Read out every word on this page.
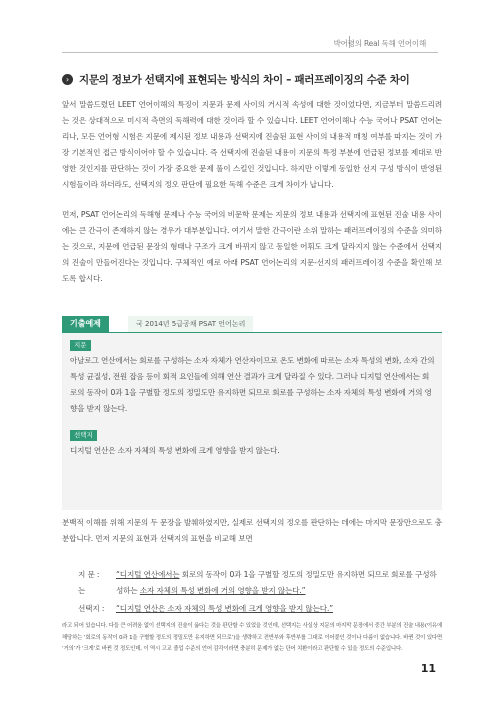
박어령의 Real 독해 언어이해
› 지문의 정보가 선택지에 표현되는 방식의 차이 – 패러프레이징의 수준 차이

앞서 말씀드렸던 LEET 언어이해의 특징이 지문과 문제 사이의 거시적 속성에 대한 것이었다면, 지금부터 말씀드리려는 것은 상대적으로 미시적 측면의 독해력에 대한 것이라 할 수 있습니다. LEET 언어이해나 수능 국어나 PSAT 언어논리나, 모든 언어형 시험은 지문에 제시된 정보 내용과 선택지에 진술된 표현 사이의 내용적 매칭 여부를 따지는 것이 가장 기본적인 접근 방식이어야 할 수 있습니다. 즉 선택지에 진술된 내용이 지문의 특정 부분에 언급된 정보를 제대로 반영한 것인지를 판단하는 것이 가장 중요한 문제 풀이 스킬인 것입니다. 하지만 이렇게 동일한 선지 구성 방식이 반영된 시험들이라 하더라도, 선택지의 정오 판단에 필요한 독해 수준은 크게 차이가 납니다.

먼저, PSAT 언어논리의 독해형 문제나 수능 국어의 비문학 문제는 지문의 정보 내용과 선택지에 표현된 진술 내용 사이에는 큰 간극이 존재하지 않는 경우가 대부분입니다. 여기서 말한 간극이란 소위 말하는 패러프레이징의 수준을 의미하는 것으로, 지문에 언급된 문장의 형태나 구조가 크게 바뀌지 않고 동일한 어휘도 크게 달라지지 않는 수준에서 선택지의 진술이 만들어진다는 것입니다. 구체적인 예로 아래 PSAT 언어논리의 지문-선지의 패러프레이징 수준을 확인해 보도록 합시다.

기출예제	국 2014년 5급공채 PSAT 언어논리
지문

아날로그 연산에서는 회로를 구성하는 소자 자체가 연산자이므로 온도 변화에 따르는 소자 특성의 변화, 소자 간의 특성 균질성, 전원 잡음 등이 회적 요인들에 의해 연산 결과가 크게 달라질 수 있다. 그러나 디지털 연산에서는 회로의 동작이 0과 1을 구별할 정도의 정밀도만 유지하면 되므로 회로를 구성하는 소자 자체의 특성 변화에 거의 영향을 받지 않는다.

선택지

디지털 연산은 소자 자체의 특성 변화에 크게 영향을 받지 않는다.

분백적 이해를 위해 지문의 두 문장을 발췌하였지만, 실제로 선택지의 정오를 판단하는 데에는 마지막 문장만으로도 충분합니다. 먼저 지문의 표현과 선택지의 표현을 비교해 보면

지 문 : “디지털 연산에서는 회로의 동작이 0과 1을 구별할 정도의 정밀도만 유지하면 되므로 회로를 구성하는	성하는 소자 자체의 특성 변화에 거의 영향을 받지 않는다.”
선택지 : “디지털 연산은 소자 자체의 특성 변화에 크게 영향을 받지 않는다.”

라고 되어 있습니다. 다들 큰 어려움 없이 선택지의 진술이 옳다는 것을 판단할 수 있었을 것인데, 선택지는 사실상 지문의 마지막 문장에서 중간 부분의 진술 내용(이유에 해당하는 ‘회로의 동작이 0과 1을 구별할 정도의 정밀도만 유지하면 되므로’)을 생략하고 전반부와 후반부를 그대로 이어붙인 것이나 다름이 없습니다. 바뀐 것이 있다면 ‘거의’가 ‘크게’로 바뀐 것 정도인데, 이 역시 고교 졸업 수준의 언어 감각이라면 충분히 문제가 없는 단어 치환이라고 판단할 수 있을 정도의 수준입니다.

11
